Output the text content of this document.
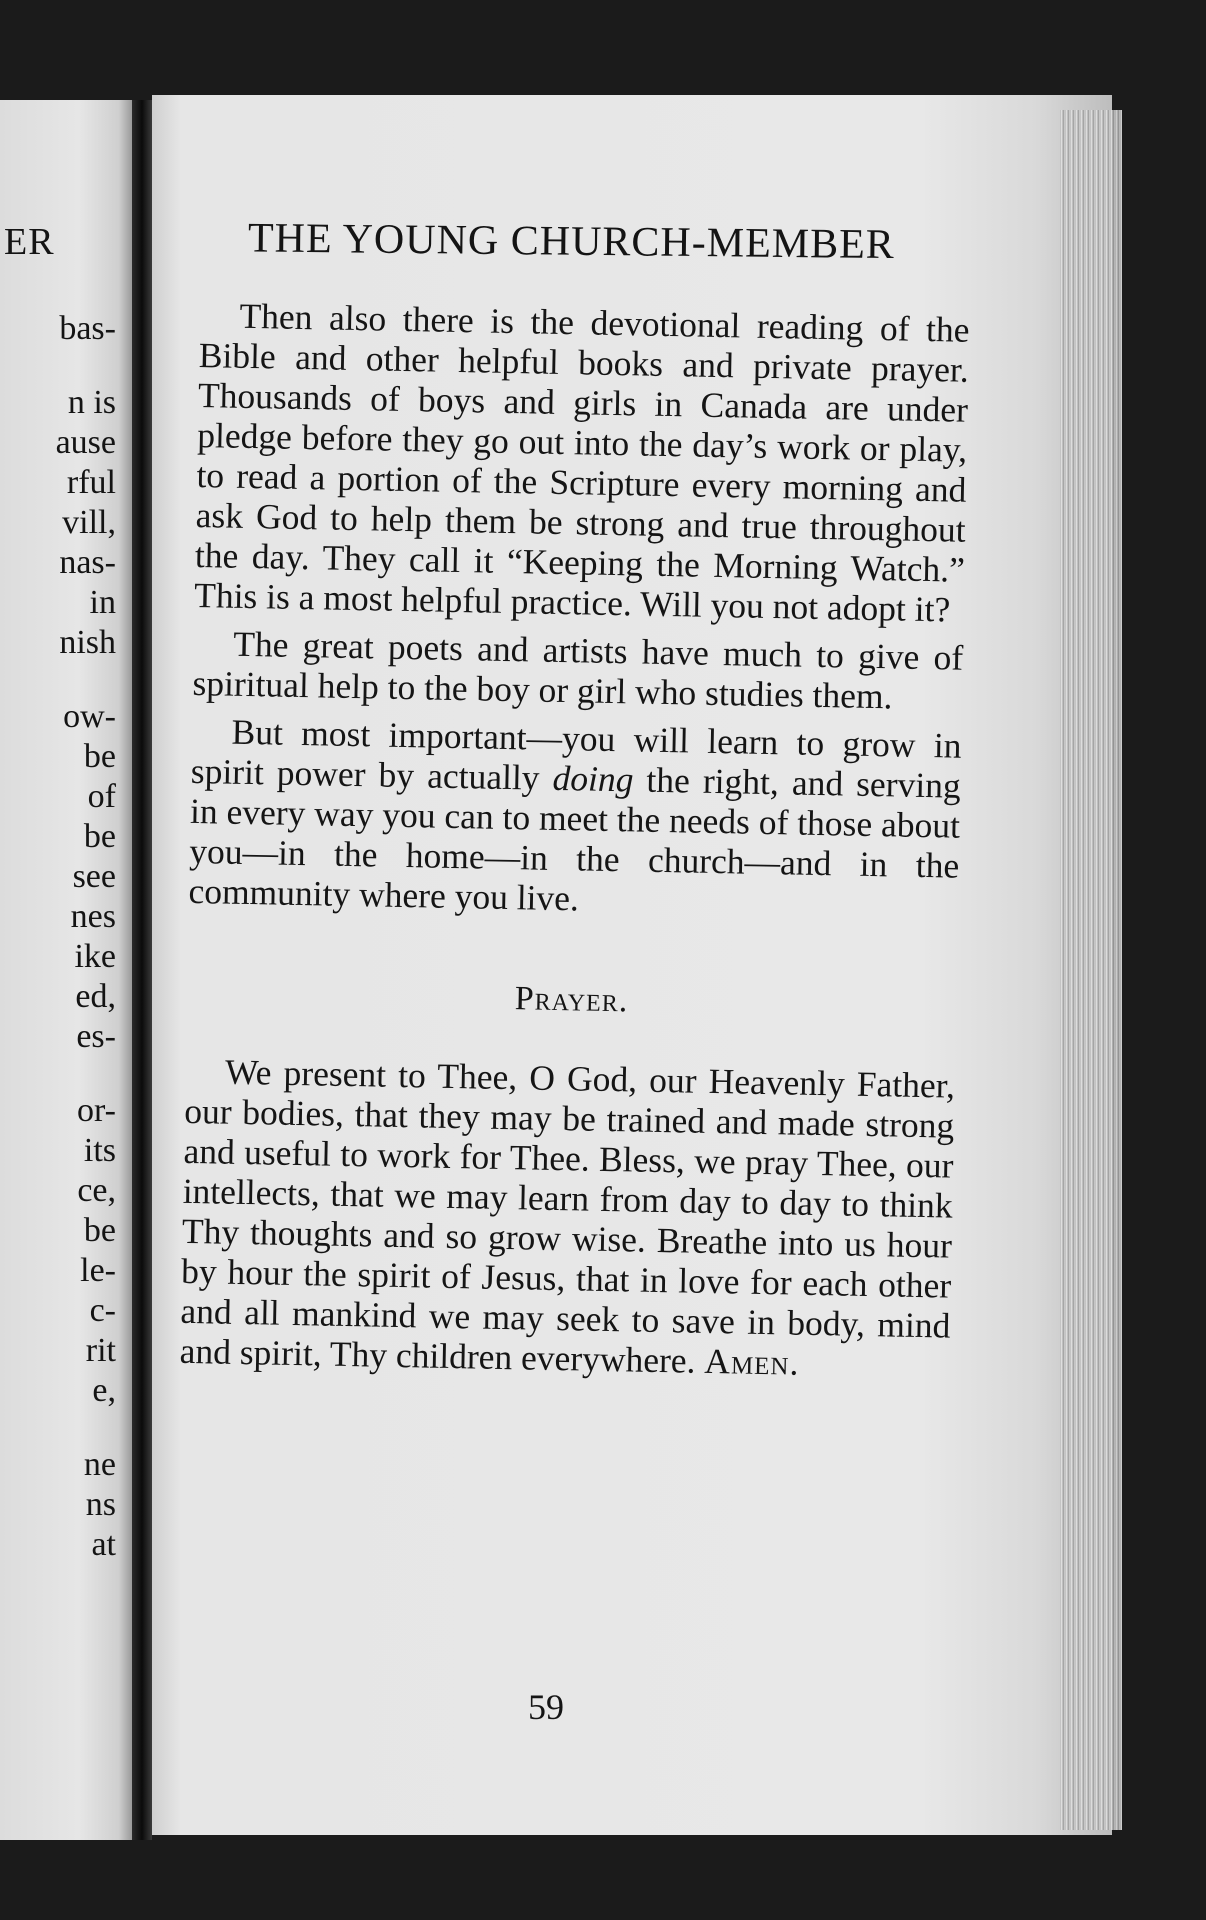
ER
bas-
n is
ause
rful
vill,
nas-
in
nish
ow-
be
of
be
see
nes
ike
ed,
es-
or-
its
ce,
be
le-
c-
rit
e,
ne
ns
at
THE YOUNG CHURCH-MEMBER

Then also there is the devotional reading of the Bible and other helpful books and private prayer. Thousands of boys and girls in Canada are under pledge before they go out into the day’s work or play, to read a portion of the Scripture every morning and ask God to help them be strong and true throughout the day. They call it “Keeping the Morning Watch.” This is a most helpful practice. Will you not adopt it?

The great poets and artists have much to give of spiritual help to the boy or girl who studies them.

But most important—you will learn to grow in spirit power by actually doing the right, and serving in every way you can to meet the needs of those about you—in the home—in the church—and in the community where you live.

Prayer.

We present to Thee, O God, our Heavenly Father, our bodies, that they may be trained and made strong and useful to work for Thee. Bless, we pray Thee, our intellects, that we may learn from day to day to think Thy thoughts and so grow wise. Breathe into us hour by hour the spirit of Jesus, that in love for each other and all mankind we may seek to save in body, mind and spirit, Thy children everywhere. Amen.

59
